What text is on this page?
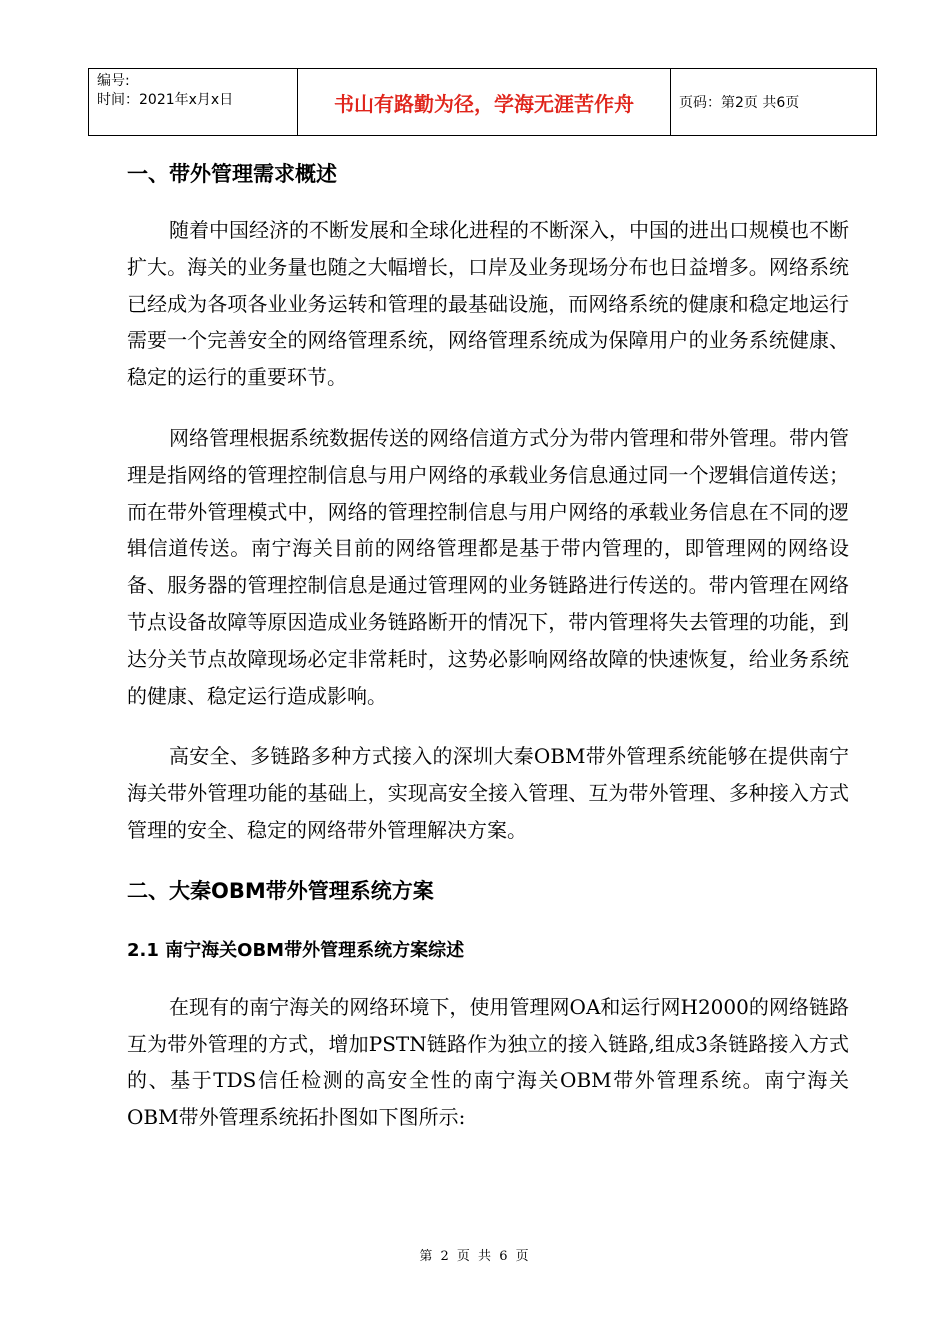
编号:
时间：2021年x月x日	书山有路勤为径，学海无涯苦作舟	页码：第2页 共6页
一、带外管理需求概述

随着中国经济的不断发展和全球化进程的不断深入，中国的进出口规模也不断扩大。海关的业务量也随之大幅增长，口岸及业务现场分布也日益增多。网络系统已经成为各项各业业务运转和管理的最基础设施，而网络系统的健康和稳定地运行需要一个完善安全的网络管理系统，网络管理系统成为保障用户的业务系统健康、稳定的运行的重要环节。

网络管理根据系统数据传送的网络信道方式分为带内管理和带外管理。带内管理是指网络的管理控制信息与用户网络的承载业务信息通过同一个逻辑信道传送；而在带外管理模式中，网络的管理控制信息与用户网络的承载业务信息在不同的逻辑信道传送。南宁海关目前的网络管理都是基于带内管理的，即管理网的网络设备、服务器的管理控制信息是通过管理网的业务链路进行传送的。带内管理在网络节点设备故障等原因造成业务链路断开的情况下，带内管理将失去管理的功能，到达分关节点故障现场必定非常耗时，这势必影响网络故障的快速恢复，给业务系统的健康、稳定运行造成影响。

高安全、多链路多种方式接入的深圳大秦OBM带外管理系统能够在提供南宁海关带外管理功能的基础上，实现高安全接入管理、互为带外管理、多种接入方式管理的安全、稳定的网络带外管理解决方案。

二、大秦OBM带外管理系统方案
2.1 南宁海关OBM带外管理系统方案综述

在现有的南宁海关的网络环境下，使用管理网OA和运行网H2000的网络链路互为带外管理的方式，增加PSTN链路作为独立的接入链路,组成3条链路接入方式的、基于TDS信任检测的高安全性的南宁海关OBM带外管理系统。南宁海关OBM带外管理系统拓扑图如下图所示:

第 2 页 共 6 页
